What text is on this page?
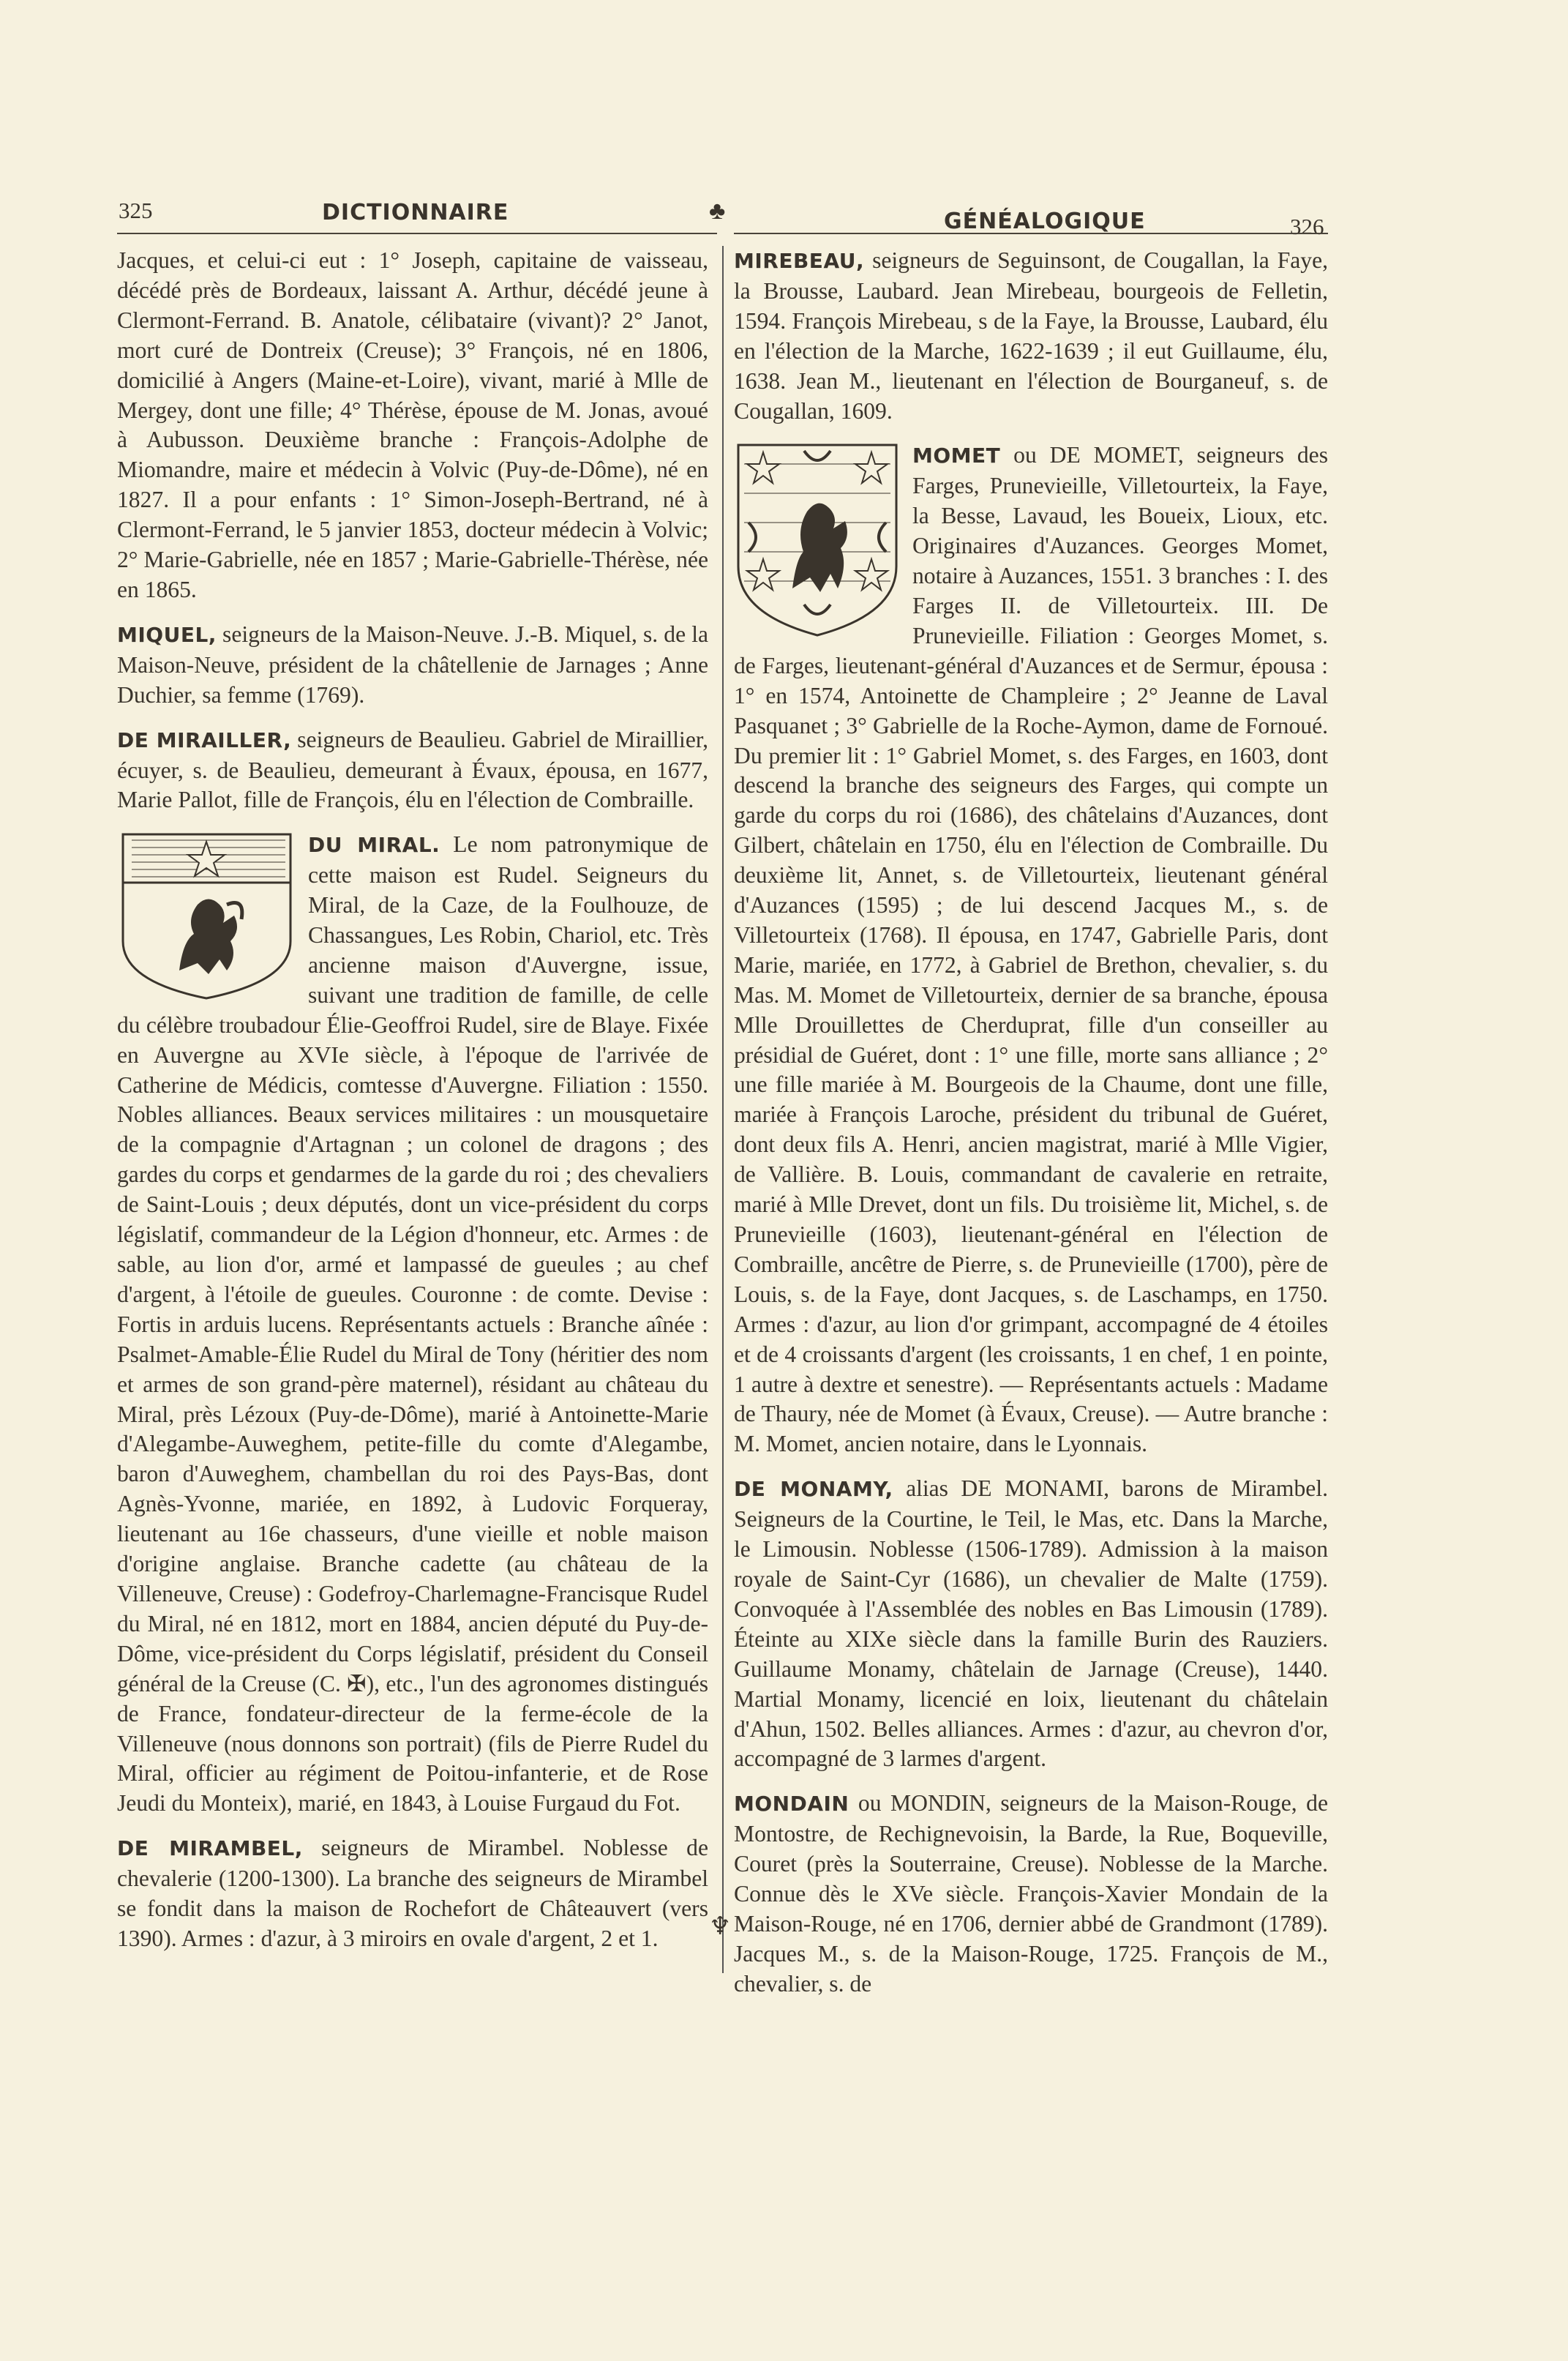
325	DICTIONNAIRE	♣	GÉNÉALOGIQUE	326
♆

Jacques, et celui-ci eut : 1° Joseph, capitaine de vaisseau, décédé près de Bordeaux, laissant A. Arthur, décédé jeune à Clermont-Ferrand. B. Anatole, célibataire (vivant)? 2° Janot, mort curé de Dontreix (Creuse); 3° François, né en 1806, domicilié à Angers (Maine-et-Loire), vivant, marié à Mlle de Mergey, dont une fille; 4° Thérèse, épouse de M. Jonas, avoué à Aubusson. Deuxième branche : François-Adolphe de Miomandre, maire et médecin à Volvic (Puy-de-Dôme), né en 1827. Il a pour enfants : 1° Simon-Joseph-Bertrand, né à Clermont-Ferrand, le 5 janvier 1853, docteur médecin à Volvic; 2° Marie-Gabrielle, née en 1857 ; Marie-Gabrielle-Thérèse, née en 1865.

MIQUEL, seigneurs de la Maison-Neuve. J.-B. Miquel, s. de la Maison-Neuve, président de la châtellenie de Jarnages ; Anne Duchier, sa femme (1769).

DE MIRAILLER, seigneurs de Beaulieu. Gabriel de Miraillier, écuyer, s. de Beaulieu, demeurant à Évaux, épousa, en 1677, Marie Pallot, fille de François, élu en l'élection de Combraille.

DU MIRAL. Le nom patronymique de cette maison est Rudel. Seigneurs du Miral, de la Caze, de la Foulhouze, de Chassangues, Les Robin, Chariol, etc. Très ancienne maison d'Auvergne, issue, suivant une tradition de famille, de celle du célèbre troubadour Élie-Geoffroi Rudel, sire de Blaye. Fixée en Auvergne au XVIe siècle, à l'époque de l'arrivée de Catherine de Médicis, comtesse d'Auvergne. Filiation : 1550. Nobles alliances. Beaux services militaires : un mousquetaire de la compagnie d'Artagnan ; un colonel de dragons ; des gardes du corps et gendarmes de la garde du roi ; des chevaliers de Saint-Louis ; deux députés, dont un vice-président du corps législatif, commandeur de la Légion d'honneur, etc. Armes : de sable, au lion d'or, armé et lampassé de gueules ; au chef d'argent, à l'étoile de gueules. Couronne : de comte. Devise : Fortis in arduis lucens. Représentants actuels : Branche aînée : Psalmet-Amable-Élie Rudel du Miral de Tony (héritier des nom et armes de son grand-père maternel), résidant au château du Miral, près Lézoux (Puy-de-Dôme), marié à Antoinette-Marie d'Alegambe-Auweghem, petite-fille du comte d'Alegambe, baron d'Auweghem, chambellan du roi des Pays-Bas, dont Agnès-Yvonne, mariée, en 1892, à Ludovic Forqueray, lieutenant au 16e chasseurs, d'une vieille et noble maison d'origine anglaise. Branche cadette (au château de la Villeneuve, Creuse) : Godefroy-Charlemagne-Francisque Rudel du Miral, né en 1812, mort en 1884, ancien député du Puy-de-Dôme, vice-président du Corps législatif, président du Conseil général de la Creuse (C. ✠), etc., l'un des agronomes distingués de France, fondateur-directeur de la ferme-école de la Villeneuve (nous donnons son portrait) (fils de Pierre Rudel du Miral, officier au régiment de Poitou-infanterie, et de Rose Jeudi du Monteix), marié, en 1843, à Louise Furgaud du Fot.

DE MIRAMBEL, seigneurs de Mirambel. Noblesse de chevalerie (1200-1300). La branche des seigneurs de Mirambel se fondit dans la maison de Rochefort de Châteauvert (vers 1390). Armes : d'azur, à 3 miroirs en ovale d'argent, 2 et 1.

MIREBEAU, seigneurs de Seguinsont, de Cougallan, la Faye, la Brousse, Laubard. Jean Mirebeau, bourgeois de Felletin, 1594. François Mirebeau, s de la Faye, la Brousse, Laubard, élu en l'élection de la Marche, 1622-1639 ; il eut Guillaume, élu, 1638. Jean M., lieutenant en l'élection de Bourganeuf, s. de Cougallan, 1609.

MOMET ou DE MOMET, seigneurs des Farges, Prunevieille, Villetourteix, la Faye, la Besse, Lavaud, les Boueix, Lioux, etc. Originaires d'Auzances. Georges Momet, notaire à Auzances, 1551. 3 branches : I. des Farges II. de Villetourteix. III. De Prunevieille. Filiation : Georges Momet, s. de Farges, lieutenant-général d'Auzances et de Sermur, épousa : 1° en 1574, Antoinette de Champleire ; 2° Jeanne de Laval Pasquanet ; 3° Gabrielle de la Roche-Aymon, dame de Fornoué. Du premier lit : 1° Gabriel Momet, s. des Farges, en 1603, dont descend la branche des seigneurs des Farges, qui compte un garde du corps du roi (1686), des châtelains d'Auzances, dont Gilbert, châtelain en 1750, élu en l'élection de Combraille. Du deuxième lit, Annet, s. de Villetourteix, lieutenant général d'Auzances (1595) ; de lui descend Jacques M., s. de Villetourteix (1768). Il épousa, en 1747, Gabrielle Paris, dont Marie, mariée, en 1772, à Gabriel de Brethon, chevalier, s. du Mas. M. Momet de Villetourteix, dernier de sa branche, épousa Mlle Drouillettes de Cherduprat, fille d'un conseiller au présidial de Guéret, dont : 1° une fille, morte sans alliance ; 2° une fille mariée à M. Bourgeois de la Chaume, dont une fille, mariée à François Laroche, président du tribunal de Guéret, dont deux fils A. Henri, ancien magistrat, marié à Mlle Vigier, de Vallière. B. Louis, commandant de cavalerie en retraite, marié à Mlle Drevet, dont un fils. Du troisième lit, Michel, s. de Prunevieille (1603), lieutenant-général en l'élection de Combraille, ancêtre de Pierre, s. de Prunevieille (1700), père de Louis, s. de la Faye, dont Jacques, s. de Laschamps, en 1750. Armes : d'azur, au lion d'or grimpant, accompagné de 4 étoiles et de 4 croissants d'argent (les croissants, 1 en chef, 1 en pointe, 1 autre à dextre et senestre). — Représentants actuels : Madame de Thaury, née de Momet (à Évaux, Creuse). — Autre branche : M. Momet, ancien notaire, dans le Lyonnais.

DE MONAMY, alias DE MONAMI, barons de Mirambel. Seigneurs de la Courtine, le Teil, le Mas, etc. Dans la Marche, le Limousin. Noblesse (1506-1789). Admission à la maison royale de Saint-Cyr (1686), un chevalier de Malte (1759). Convoquée à l'Assemblée des nobles en Bas Limousin (1789). Éteinte au XIXe siècle dans la famille Burin des Rauziers. Guillaume Monamy, châtelain de Jarnage (Creuse), 1440. Martial Monamy, licencié en loix, lieutenant du châtelain d'Ahun, 1502. Belles alliances. Armes : d'azur, au chevron d'or, accompagné de 3 larmes d'argent.

MONDAIN ou MONDIN, seigneurs de la Maison-Rouge, de Montostre, de Rechignevoisin, la Barde, la Rue, Boqueville, Couret (près la Souterraine, Creuse). Noblesse de la Marche. Connue dès le XVe siècle. François-Xavier Mondain de la Maison-Rouge, né en 1706, dernier abbé de Grandmont (1789). Jacques M., s. de la Maison-Rouge, 1725. François de M., chevalier, s. de
